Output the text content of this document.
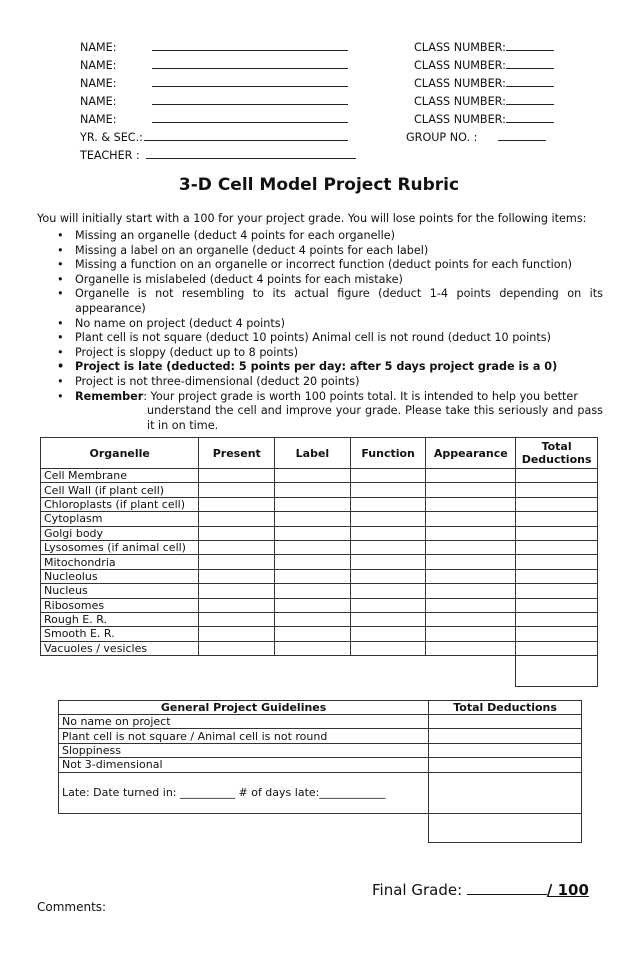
NAME:	CLASS NUMBER:
NAME:	CLASS NUMBER:
NAME:	CLASS NUMBER:
NAME:	CLASS NUMBER:
NAME:	CLASS NUMBER:
YR. & SEC.:	GROUP NO. :
TEACHER :
3-D Cell Model Project Rubric
You will initially start with a 100 for your project grade. You will lose points for the following items:
• Missing an organelle (deduct 4 points for each organelle)
• Missing a label on an organelle (deduct 4 points for each label)
• Missing a function on an organelle or incorrect function (deduct points for each function)
• Organelle is mislabeled (deduct 4 points for each mistake)
• Organelle is not resembling to its actual figure (deduct 1-4 points depending on its appearance)
• No name on project (deduct 4 points)
• Plant cell is not square (deduct 10 points) Animal cell is not round (deduct 10 points)
• Project is sloppy (deduct up to 8 points)
• Project is late (deducted: 5 points per day: after 5 days project grade is a 0)
• Project is not three-dimensional (deduct 20 points)
• Remember: Your project grade is worth 100 points total. It is intended to help you better
understand the cell and improve your grade. Please take this seriously and pass it in on time.
Organelle	Present	Label	Function	Appearance	Total Deductions
Cell Membrane					
Cell Wall (if plant cell)					
Chloroplasts (if plant cell)					
Cytoplasm					
Golgi body					
Lysosomes (if animal cell)					
Mitochondria					
Nucleolus					
Nucleus					
Ribosomes					
Rough E. R.					
Smooth E. R.					
Vacuoles / vesicles					

General Project Guidelines	Total Deductions
No name on project	
Plant cell is not square / Animal cell is not round	
Sloppiness	
Not 3-dimensional	
Late: Date turned in: __________ # of days late:____________	

Final Grade:	/ 100
Comments:
